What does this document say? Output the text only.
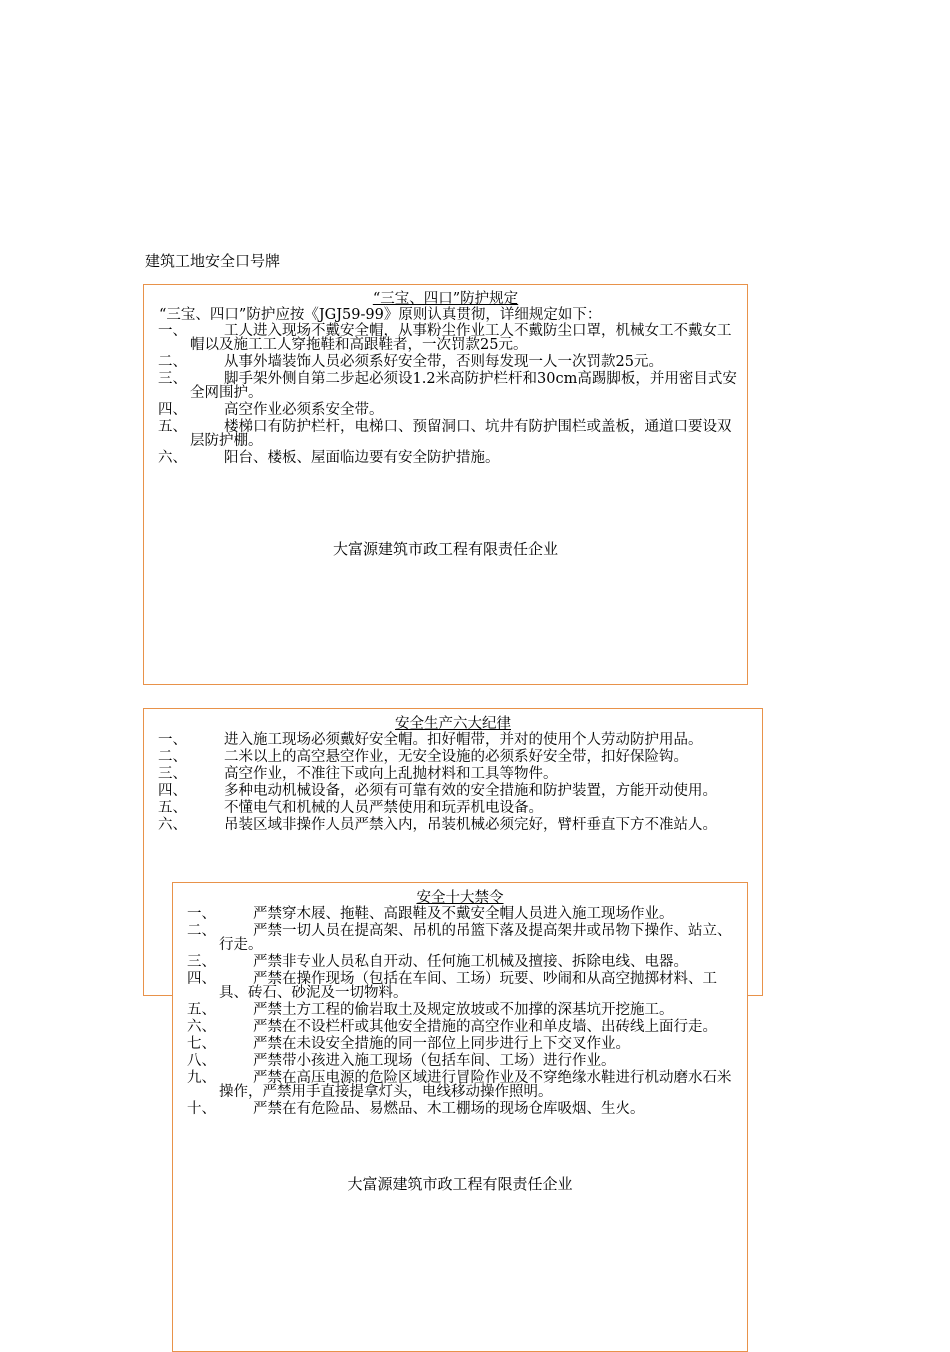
建筑工地安全口号牌
“三宝、四口”防护规定
“三宝、四口”防护应按《JGJ59-99》原则认真贯彻，详细规定如下：
一、	工人进入现场不戴安全帽，从事粉尘作业工人不戴防尘口罩，机械女工不戴女工帽以及施工工人穿拖鞋和高跟鞋者，一次罚款25元。
二、	从事外墙装饰人员必须系好安全带，否则每发现一人一次罚款25元。
三、	脚手架外侧自第二步起必须设1.2米高防护栏杆和30cm高踢脚板，并用密目式安全网围护。
四、	高空作业必须系安全带。
五、	楼梯口有防护栏杆，电梯口、预留洞口、坑井有防护围栏或盖板，通道口要设双层防护棚。
六、	阳台、楼板、屋面临边要有安全防护措施。
大富源建筑市政工程有限责任企业
安全生产六大纪律
一、	进入施工现场必须戴好安全帽。扣好帽带，并对的使用个人劳动防护用品。
二、	二米以上的高空悬空作业，无安全设施的必须系好安全带，扣好保险钩。
三、	高空作业，不准往下或向上乱抛材料和工具等物件。
四、	多种电动机械设备，必须有可靠有效的安全措施和防护装置，方能开动使用。
五、	不懂电气和机械的人员严禁使用和玩弄机电设备。
六、	吊装区域非操作人员严禁入内，吊装机械必须完好，臂杆垂直下方不准站人。
安全十大禁令
一、	严禁穿木屐、拖鞋、高跟鞋及不戴安全帽人员进入施工现场作业。
二、	严禁一切人员在提高架、吊机的吊篮下落及提高架井或吊物下操作、站立、行走。
三、	严禁非专业人员私自开动、任何施工机械及擅接、拆除电线、电器。
四、	严禁在操作现场（包括在车间、工场）玩要、吵闹和从高空抛掷材料、工具、砖石、砂泥及一切物料。
五、	严禁土方工程的偷岩取土及规定放坡或不加撑的深基坑开挖施工。
六、	严禁在不设栏杆或其他安全措施的高空作业和单皮墙、出砖线上面行走。
七、	严禁在未设安全措施的同一部位上同步进行上下交叉作业。
八、	严禁带小孩进入施工现场（包括车间、工场）进行作业。
九、	严禁在高压电源的危险区域进行冒险作业及不穿绝缘水鞋进行机动磨水石米操作，严禁用手直接提拿灯头，电线移动操作照明。
十、	严禁在有危险品、易燃品、木工棚场的现场仓库吸烟、生火。
大富源建筑市政工程有限责任企业
